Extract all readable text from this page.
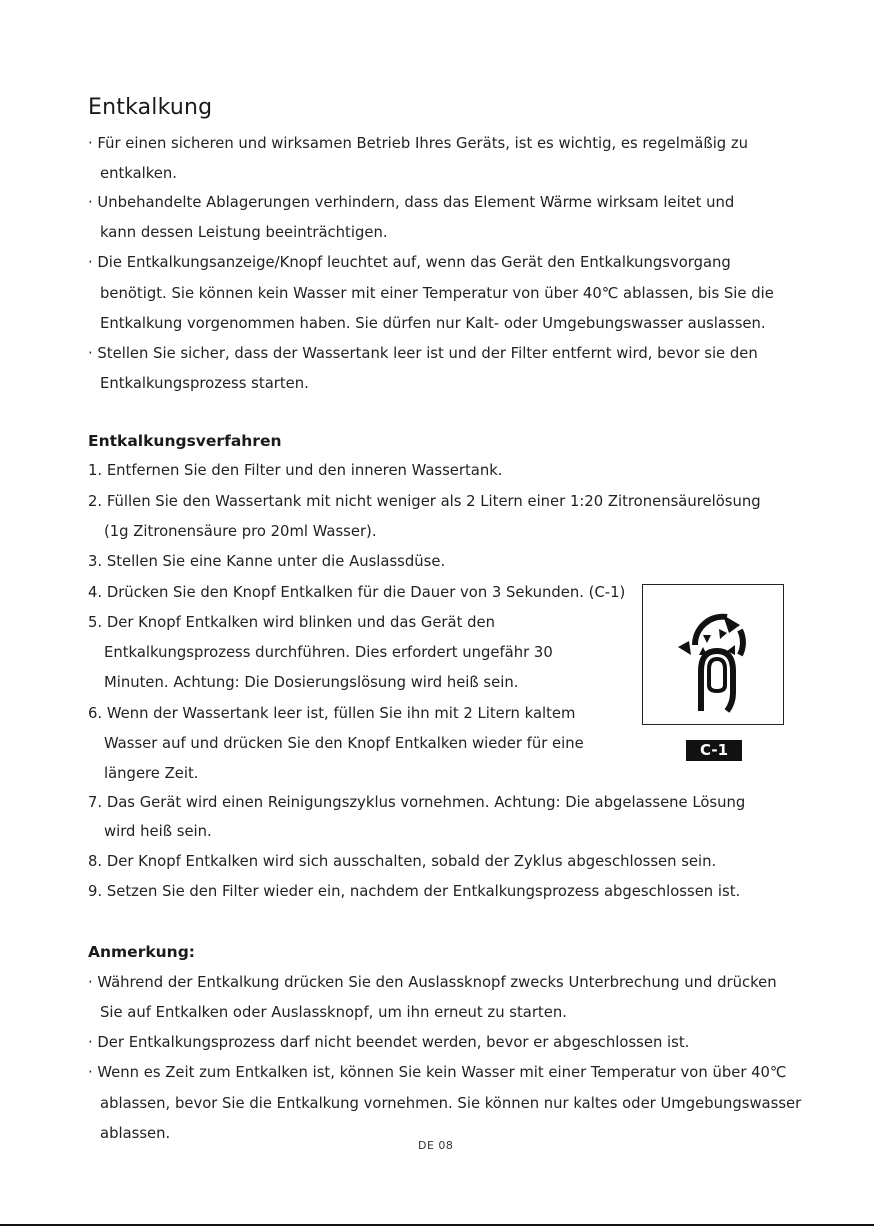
Entkalkung
· Für einen sicheren und wirksamen Betrieb Ihres Geräts, ist es wichtig, es regelmäßig zu
entkalken.
· Unbehandelte Ablagerungen verhindern, dass das Element Wärme wirksam leitet und
kann dessen Leistung beeinträchtigen.
· Die Entkalkungsanzeige/Knopf leuchtet auf, wenn das Gerät den Entkalkungsvorgang
benötigt. Sie können kein Wasser mit einer Temperatur von über 40℃ ablassen, bis Sie die
Entkalkung vorgenommen haben. Sie dürfen nur Kalt- oder Umgebungswasser auslassen.
· Stellen Sie sicher, dass der Wassertank leer ist und der Filter entfernt wird, bevor sie den
Entkalkungsprozess starten.
Entkalkungsverfahren
1. Entfernen Sie den Filter und den inneren Wassertank.
2. Füllen Sie den Wassertank mit nicht weniger als 2 Litern einer 1:20 Zitronensäurelösung
(1g Zitronensäure pro 20ml Wasser).
3. Stellen Sie eine Kanne unter die Auslassdüse.
4. Drücken Sie den Knopf Entkalken für die Dauer von 3 Sekunden. (C-1)
5. Der Knopf Entkalken wird blinken und das Gerät den
Entkalkungsprozess durchführen. Dies erfordert ungefähr 30
Minuten. Achtung: Die Dosierungslösung wird heiß sein.
6. Wenn der Wassertank leer ist, füllen Sie ihn mit 2 Litern kaltem
Wasser auf und drücken Sie den Knopf Entkalken wieder für eine
längere Zeit.
7. Das Gerät wird einen Reinigungszyklus vornehmen. Achtung: Die abgelassene Lösung
wird heiß sein.
8. Der Knopf Entkalken wird sich ausschalten, sobald der Zyklus abgeschlossen sein.
9. Setzen Sie den Filter wieder ein, nachdem der Entkalkungsprozess abgeschlossen ist.
C-1
Anmerkung:
· Während der Entkalkung drücken Sie den Auslassknopf zwecks Unterbrechung und drücken
Sie auf Entkalken oder Auslassknopf, um ihn erneut zu starten.
· Der Entkalkungsprozess darf nicht beendet werden, bevor er abgeschlossen ist.
· Wenn es Zeit zum Entkalken ist, können Sie kein Wasser mit einer Temperatur von über 40℃
ablassen, bevor Sie die Entkalkung vornehmen. Sie können nur kaltes oder Umgebungswasser
ablassen.
DE 08
